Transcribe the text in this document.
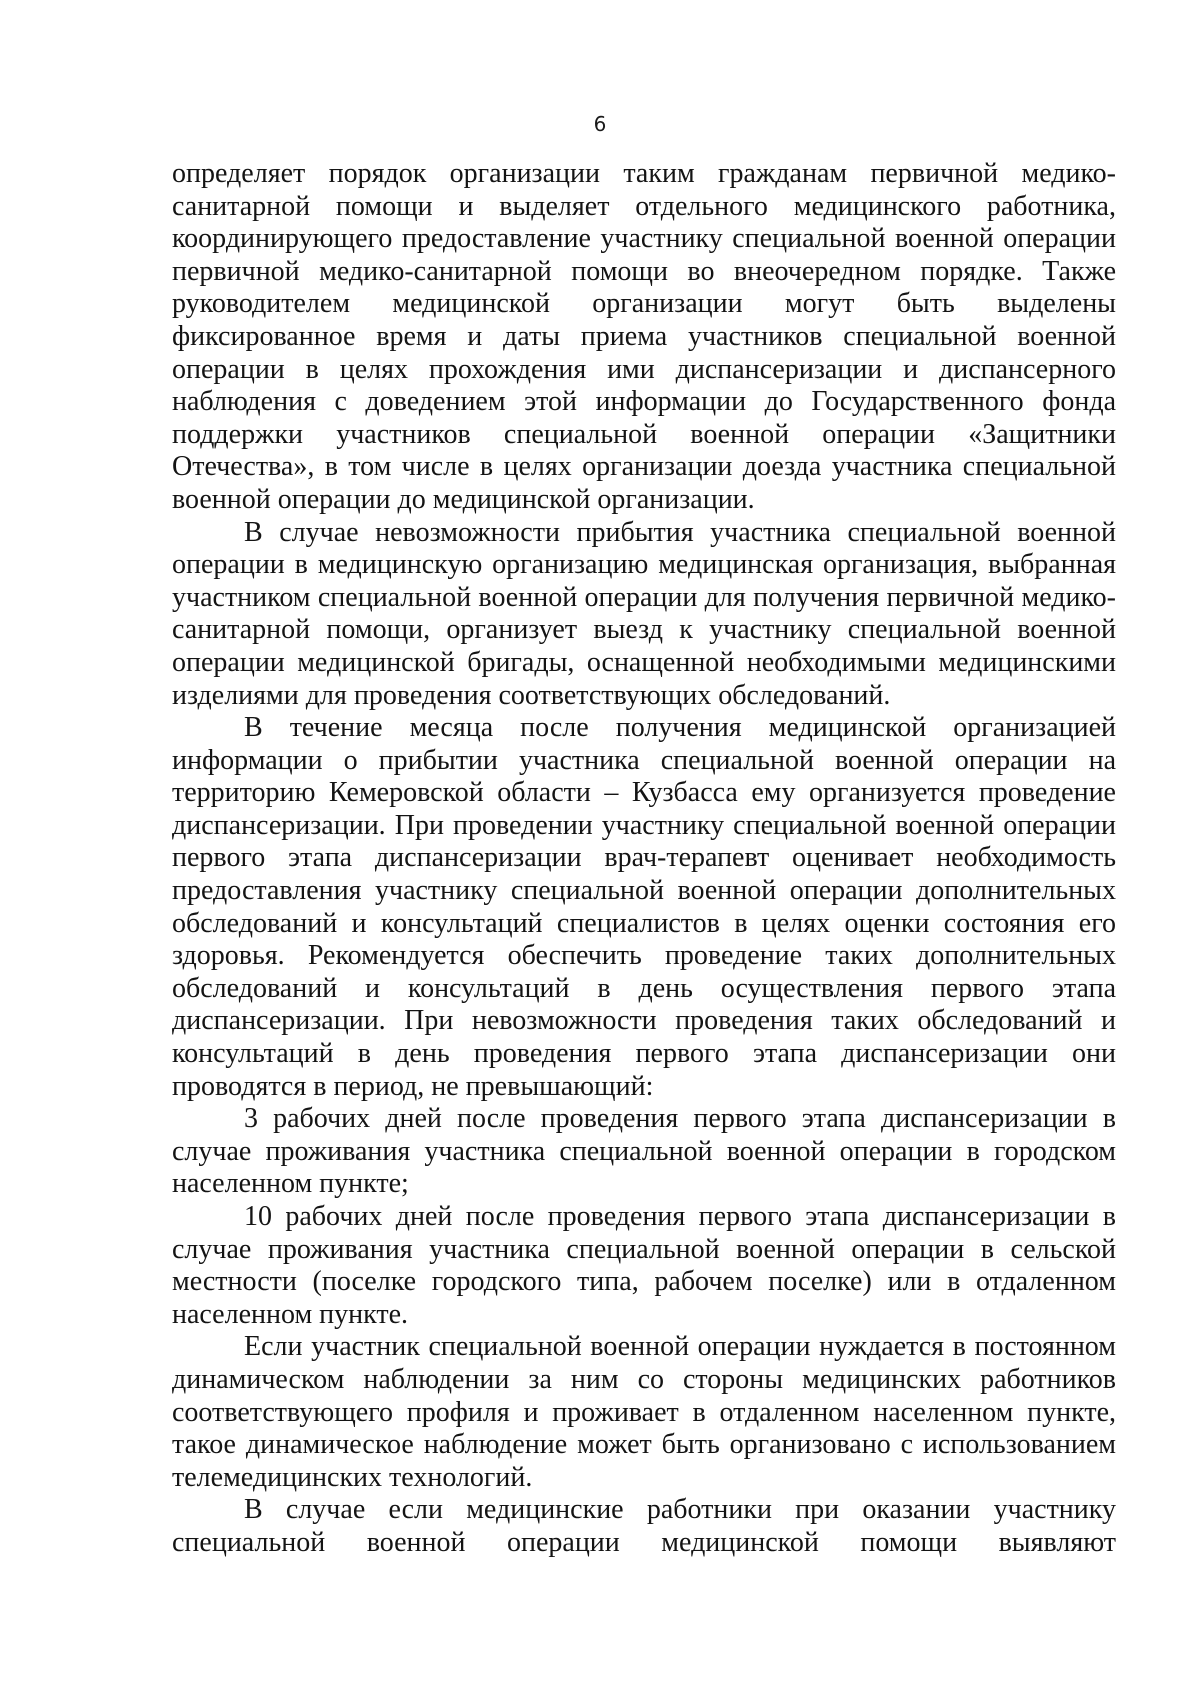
6

определяет порядок организации таким гражданам первичной медико-санитарной помощи и выделяет отдельного медицинского работника, координирующего предоставление участнику специальной военной операции первичной медико-санитарной помощи во внеочередном порядке. Также руководителем медицинской организации могут быть выделены фиксированное время и даты приема участников специальной военной операции в целях прохождения ими диспансеризации и диспансерного наблюдения с доведением этой информации до Государственного фонда поддержки участников специальной военной операции «Защитники Отечества», в том числе в целях организации доезда участника специальной военной операции до медицинской организации.

В случае невозможности прибытия участника специальной военной операции в медицинскую организацию медицинская организация, выбранная участником специальной военной операции для получения первичной медико-санитарной помощи, организует выезд к участнику специальной военной операции медицинской бригады, оснащенной необходимыми медицинскими изделиями для проведения соответствующих обследований.

В течение месяца после получения медицинской организацией информации о прибытии участника специальной военной операции на территорию Кемеровской области – Кузбасса ему организуется проведение диспансеризации. При проведении участнику специальной военной операции первого этапа диспансеризации врач-терапевт оценивает необходимость предоставления участнику специальной военной операции дополнительных обследований и консультаций специалистов в целях оценки состояния его здоровья. Рекомендуется обеспечить проведение таких дополнительных обследований и консультаций в день осуществления первого этапа диспансеризации. При невозможности проведения таких обследований и консультаций в день проведения первого этапа диспансеризации они проводятся в период, не превышающий:

3 рабочих дней после проведения первого этапа диспансеризации в случае проживания участника специальной военной операции в городском населенном пункте;

10 рабочих дней после проведения первого этапа диспансеризации в случае проживания участника специальной военной операции в сельской местности (поселке городского типа, рабочем поселке) или в отдаленном населенном пункте.

Если участник специальной военной операции нуждается в постоянном динамическом наблюдении за ним со стороны медицинских работников соответствующего профиля и проживает в отдаленном населенном пункте, такое динамическое наблюдение может быть организовано с использованием телемедицинских технологий.

В случае если медицинские работники при оказании участнику специальной военной операции медицинской помощи выявляют
